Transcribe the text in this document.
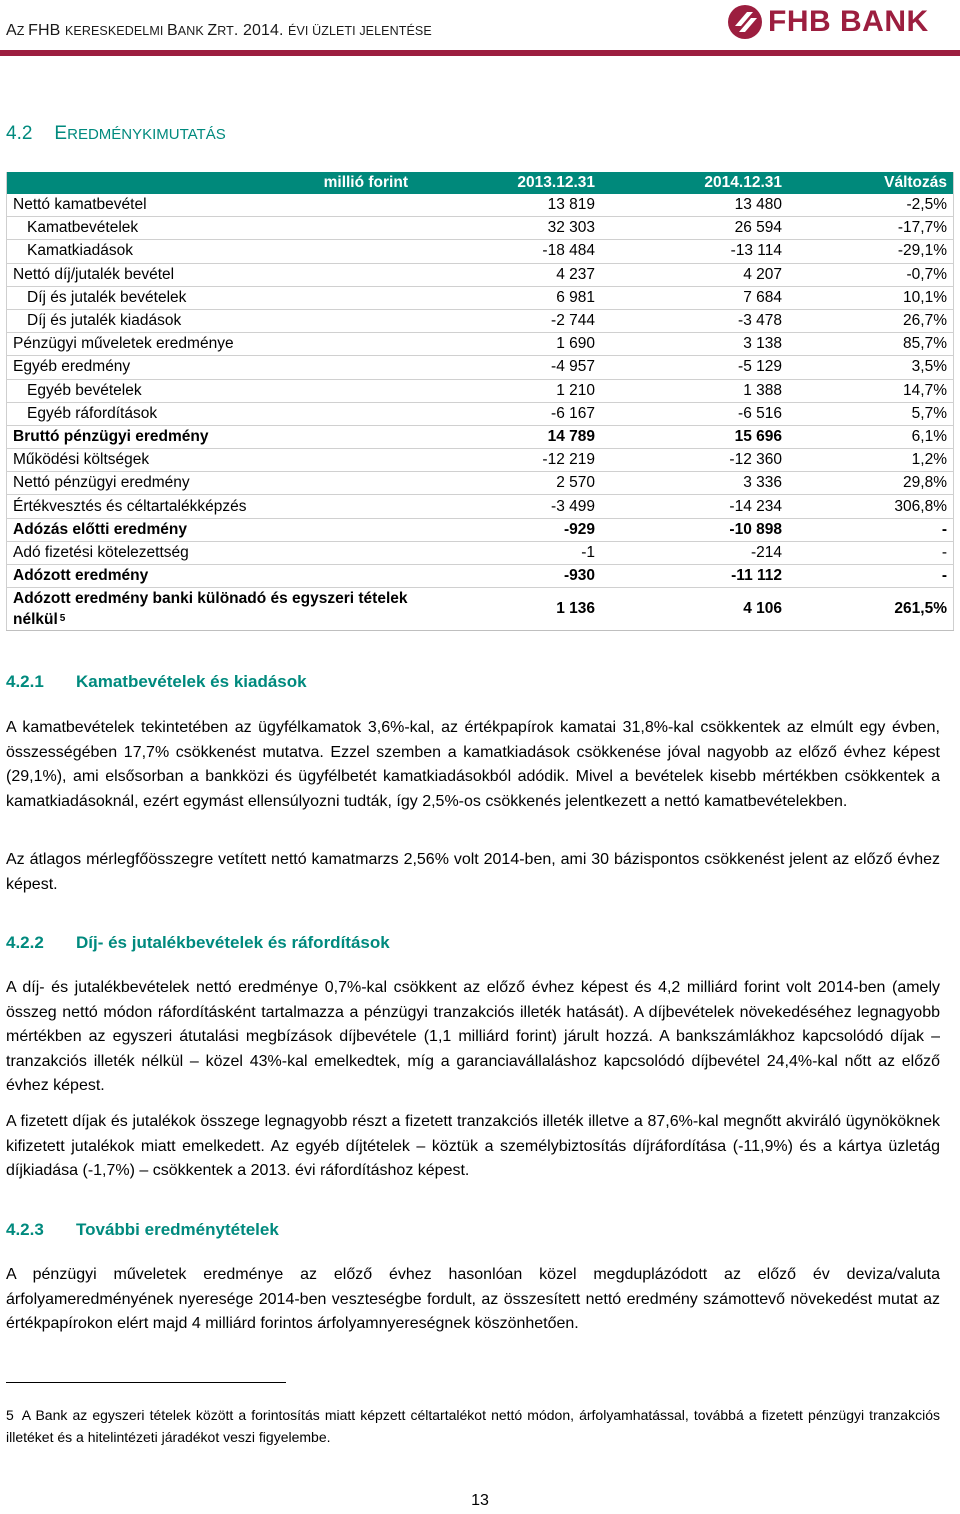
AZ FHB KERESKEDELMI BANK ZRT. 2014. ÉVI ÜZLETI JELENTÉSE	FHB BANK
4.2 EREDMÉNYKIMUTATÁS
millió forint	2013.12.31	2014.12.31	Változás
Nettó kamatbevétel	13 819	13 480	-2,5%
Kamatbevételek	32 303	26 594	-17,7%
Kamatkiadások	-18 484	-13 114	-29,1%
Nettó díj/jutalék bevétel	4 237	4 207	-0,7%
Díj és jutalék bevételek	6 981	7 684	10,1%
Díj és jutalék kiadások	-2 744	-3 478	26,7%
Pénzügyi műveletek eredménye	1 690	3 138	85,7%
Egyéb eredmény	-4 957	-5 129	3,5%
Egyéb bevételek	1 210	1 388	14,7%
Egyéb ráfordítások	-6 167	-6 516	5,7%
Bruttó pénzügyi eredmény	14 789	15 696	6,1%
Működési költségek	-12 219	-12 360	1,2%
Nettó pénzügyi eredmény	2 570	3 336	29,8%
Értékvesztés és céltartalékképzés	-3 499	-14 234	306,8%
Adózás előtti eredmény	-929	-10 898	-
Adó fizetési kötelezettség	-1	-214	-
Adózott eredmény	-930	-11 112	-
Adózott eredmény banki különadó és egyszeri tételek nélkül $^5$	1 136	4 106	261,5%
4.2.1 Kamatbevételek és kiadások
A kamatbevételek tekintetében az ügyfélkamatok 3,6%-kal, az értékpapírok kamatai 31,8%-kal csökkentek az elmúlt egy évben, összességében 17,7% csökkenést mutatva. Ezzel szemben a kamatkiadások csökkenése jóval nagyobb az előző évhez képest (29,1%), ami elsősorban a bankközi és ügyfélbetét kamatkiadásokból adódik. Mivel a bevételek kisebb mértékben csökkentek a kamatkiadásoknál, ezért egymást ellensúlyozni tudták, így 2,5%-os csökkenés jelentkezett a nettó kamatbevételekben.
Az átlagos mérlegfőösszegre vetített nettó kamatmarzs 2,56% volt 2014-ben, ami 30 bázispontos csökkenést jelent az előző évhez képest.
4.2.2 Díj- és jutalékbevételek és ráfordítások
A díj- és jutalékbevételek nettó eredménye 0,7%-kal csökkent az előző évhez képest és 4,2 milliárd forint volt 2014-ben (amely összeg nettó módon ráfordításként tartalmazza a pénzügyi tranzakciós illeték hatását). A díjbevételek növekedéséhez legnagyobb mértékben az egyszeri átutalási megbízások díjbevétele (1,1 milliárd forint) járult hozzá. A bankszámlákhoz kapcsolódó díjak – tranzakciós illeték nélkül – közel 43%-kal emelkedtek, míg a garanciavállaláshoz kapcsolódó díjbevétel 24,4%-kal nőtt az előző évhez képest.
A fizetett díjak és jutalékok összege legnagyobb részt a fizetett tranzakciós illeték illetve a 87,6%-kal megnőtt akviráló ügynököknek kifizetett jutalékok miatt emelkedett. Az egyéb díjtételek – köztük a személybiztosítás díjráfordítása (-11,9%) és a kártya üzletág díjkiadása (-1,7%) – csökkentek a 2013. évi ráfordításhoz képest.
4.2.3 További eredménytételek
A pénzügyi műveletek eredménye az előző évhez hasonlóan közel megduplázódott az előző év deviza/valuta árfolyameredményének nyeresége 2014-ben veszteségbe fordult, az összesített nettó eredmény számottevő növekedést mutat az értékpapírokon elért majd 4 milliárd forintos árfolyamnyereségnek köszönhetően.
5 A Bank az egyszeri tételek között a forintosítás miatt képzett céltartalékot nettó módon, árfolyamhatással, továbbá a fizetett pénzügyi tranzakciós illetéket és a hitelintézeti járadékot veszi figyelembe.
13
